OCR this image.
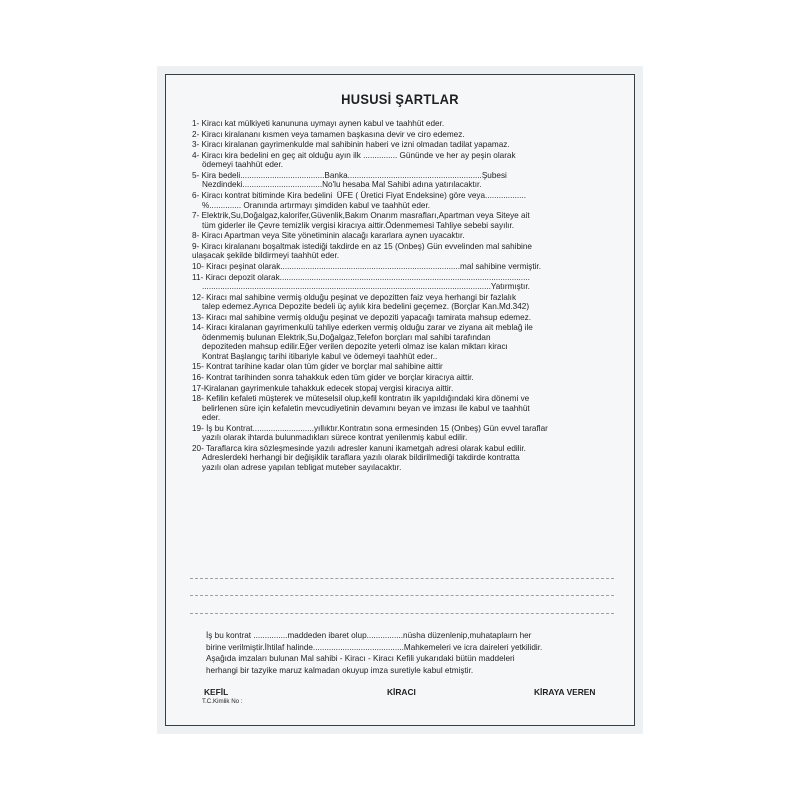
HUSUSİ ŞARTLAR
1- Kiracı kat mülkiyeti kanununa uymayı aynen kabul ve taahhüt eder.
2- Kiracı kiralananı kısmen veya tamamen başkasına devir ve ciro edemez.
3- Kiracı kiralanan gayrimenkulde mal sahibinin haberi ve izni olmadan tadilat yapamaz.
4- Kiracı kira bedelini en geç ait olduğu ayın ilk ............... Gününde ve her ay peşin olarak
ödemeyi taahhüt eder.
5- Kira bedeli.....................................Banka...........................................................Şubesi
Nezdindeki...................................No'lu hesaba Mal Sahibi adına yatırılacaktır.
6- Kiracı kontrat bitiminde Kira bedelini  ÜFE ( Üretici Fiyat Endeksine) göre veya..................
%.............. Oranında artırmayı şimdiden kabul ve taahhüt eder.
7- Elektrik,Su,Doğalgaz,kalorifer,Güvenlik,Bakım Onarım masrafları,Apartman veya Siteye ait
tüm giderler ile Çevre temizlik vergisi kiracıya aittir.Ödenmemesi Tahliye sebebi sayılır.
8- Kiracı Apartman veya Site yönetiminin alacağı kararlara aynen uyacaktır.
9- Kiracı kiralananı boşaltmak istediği takdirde en az 15 (Onbeş) Gün evvelinden mal sahibine
ulaşacak şekilde bildirmeyi taahhüt eder.
10- Kiracı peşinat olarak...............................................................................mal sahibine vermiştir.
11- Kiracı depozit olarak..............................................................................................................
...............................................................................................................................Yatırmıştır.
12- Kiracı mal sahibine vermiş olduğu peşinat ve depozitten faiz veya herhangi bir fazlalık
talep edemez.Ayrıca Depozite bedeli üç aylık kira bedelini geçemez. (Borçlar Kan.Md.342)
13- Kiracı mal sahibine vermiş olduğu peşinat ve depoziti yapacağı tamirata mahsup edemez.
14- Kiracı kiralanan gayrimenkulü tahliye ederken vermiş olduğu zarar ve ziyana ait meblağ ile
ödenmemiş bulunan Elektrik,Su,Doğalgaz,Telefon borçları mal sahibi tarafından
depoziteden mahsup edilir.Eğer verilen depozite yeterli olmaz ise kalan miktarı kiracı
Kontrat Başlangıç tarihi itibariyle kabul ve ödemeyi taahhüt eder..
15- Kontrat tarihine kadar olan tüm gider ve borçlar mal sahibine aittir
16- Kontrat tarihinden sonra tahakkuk eden tüm gider ve borçlar kiracıya aittir.
17-Kiralanan gayrimenkule tahakkuk edecek stopaj vergisi kiracıya aittir.
18- Kefilin kefaleti müşterek ve müteselsil olup,kefil kontratın ilk yapıldığındaki kira dönemi ve
belirlenen süre için kefaletin mevcudiyetinin devamını beyan ve imzası ile kabul ve taahhüt
eder.
19- İş bu Kontrat...........................yıllıktır.Kontratın sona ermesinden 15 (Onbeş) Gün evvel taraflar
yazılı olarak ihtarda bulunmadıkları sürece kontrat yenilenmiş kabul edilir.
20- Taraflarca kira sözleşmesinde yazılı adresler kanuni ikametgah adresi olarak kabul edilir.
Adreslerdeki herhangi bir değişiklik taraflara yazılı olarak bildirilmediği takdirde kontratta
yazılı olan adrese yapılan tebligat muteber sayılacaktır.
İş bu kontrat ...............maddeden ibaret olup................nüsha düzenlenip,muhataplaırn her
birine verilmiştir.İhtilaf halinde........................................Mahkemeleri ve icra daireleri yetkilidir.
Aşağıda imzaları bulunan Mal sahibi - Kiracı - Kiracı Kefili yukarıdaki bütün maddeleri
herhangi bir tazyike maruz kalmadan okuyup imza suretiyle kabul etmiştir.
KEFİL	KİRACI	KİRAYA VEREN
T.C.Kimlik No :
